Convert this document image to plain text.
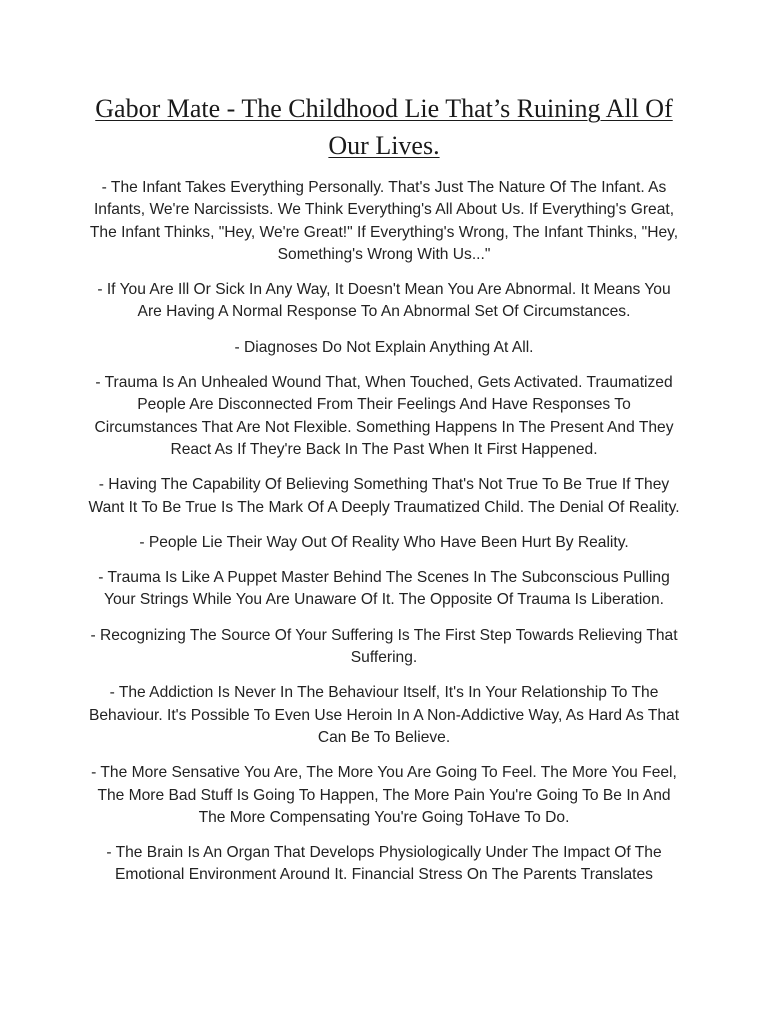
Gabor Mate - The Childhood Lie That’s Ruining All Of Our Lives.

- The Infant Takes Everything Personally. That's Just The Nature Of The Infant. As Infants, We're Narcissists. We Think Everything's All About Us. If Everything's Great, The Infant Thinks, "Hey, We're Great!" If Everything's Wrong, The Infant Thinks, "Hey, Something's Wrong With Us..."

- If You Are Ill Or Sick In Any Way, It Doesn't Mean You Are Abnormal. It Means You Are Having A Normal Response To An Abnormal Set Of Circumstances.

- Diagnoses Do Not Explain Anything At All.

- Trauma Is An Unhealed Wound That, When Touched, Gets Activated. Traumatized People Are Disconnected From Their Feelings And Have Responses To Circumstances That Are Not Flexible. Something Happens In The Present And They React As If They're Back In The Past When It First Happened.

- Having The Capability Of Believing Something That's Not True To Be True If They Want It To Be True Is The Mark Of A Deeply Traumatized Child. The Denial Of Reality.

- People Lie Their Way Out Of Reality Who Have Been Hurt By Reality.

- Trauma Is Like A Puppet Master Behind The Scenes In The Subconscious Pulling Your Strings While You Are Unaware Of It. The Opposite Of Trauma Is Liberation.

- Recognizing The Source Of Your Suffering Is The First Step Towards Relieving That Suffering.

- The Addiction Is Never In The Behaviour Itself, It's In Your Relationship To The Behaviour. It's Possible To Even Use Heroin In A Non-Addictive Way, As Hard As That Can Be To Believe.

- The More Sensative You Are, The More You Are Going To Feel. The More You Feel, The More Bad Stuff Is Going To Happen, The More Pain You're Going To Be In And The More Compensating You're Going ToHave To Do.

- The Brain Is An Organ That Develops Physiologically Under The Impact Of The Emotional Environment Around It. Financial Stress On The Parents Translates
